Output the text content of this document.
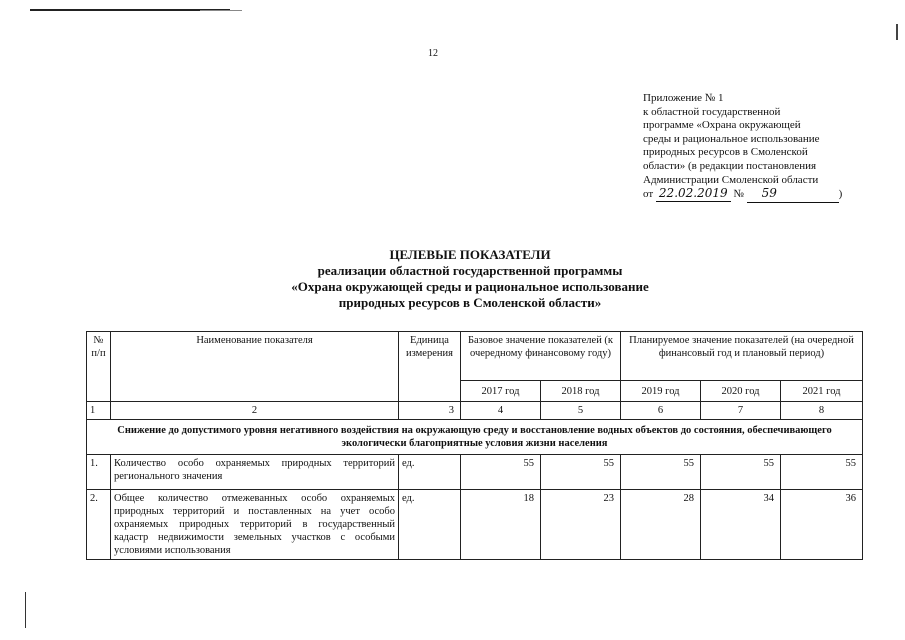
12
Приложение № 1
к областной государственной
программе «Охрана окружающей
среды и рациональное использование
природных ресурсов в Смоленской
области» (в редакции постановления
Администрации Смоленской области
от 22.02.2019 № 59	)
ЦЕЛЕВЫЕ ПОКАЗАТЕЛИ
реализации областной государственной программы
«Охрана окружающей среды и рациональное использование
природных ресурсов в Смоленской области»
№ п/п	Наименование показателя	Единица измерения	Базовое значение показателей (к очередному финансовому году)		Планируемое значение показателей (на очередной финансовый год и плановый период)		
			2017 год	2018 год	2019 год	2020 год	2021 год
1	2	3	4	5	6	7	8
Снижение до допустимого уровня негативного воздействия на окружающую среду и восстановление водных объектов до состояния, обеспечивающего экологически благоприятные условия жизни населения							
1.	Количество особо охраняемых природных территорий регионального значения	ед.	55	55	55	55	55
2.	Общее количество отмежеванных особо охраняемых природных территорий и поставленных на учет особо охраняемых природных территорий в государственный кадастр недвижимости земельных участков с особыми условиями использования	ед.	18	23	28	34	36
